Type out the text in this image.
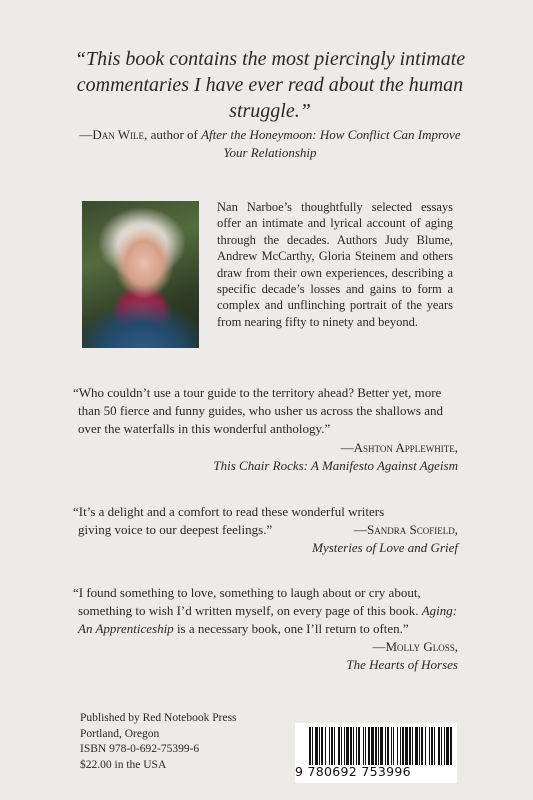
“This book contains the most piercingly intimate commentaries I have ever read about the human struggle.”
—Dan Wile, author of After the Honeymoon: How Conflict Can Improve Your Relationship
Nan Narboe’s thoughtfully selected essays offer an intimate and lyrical account of aging through the decades. Authors Judy Blume, Andrew McCarthy, Gloria Steinem and others draw from their own experiences, describing a specific decade’s losses and gains to form a complex and unflinching portrait of the years from nearing fifty to ninety and beyond.
“Who couldn’t use a tour guide to the territory ahead? Better yet, more than 50 fierce and funny guides, who usher us across the shallows and over the waterfalls in this wonderful anthology.”
—Ashton Applewhite,
This Chair Rocks: A Manifesto Against Ageism
“It’s a delight and a comfort to read these wonderful writers giving voice to our deepest feelings.”	—Sandra Scofield,
Mysteries of Love and Grief
“I found something to love, something to laugh about or cry about, something to wish I’d written myself, on every page of this book. Aging: An Apprenticeship is a necessary book, one I’ll return to often.”
—Molly Gloss,
The Hearts of Horses
Published by Red Notebook Press
Portland, Oregon
ISBN 978-0-692-75399-6
$22.00 in the USA	9 780692 753996
